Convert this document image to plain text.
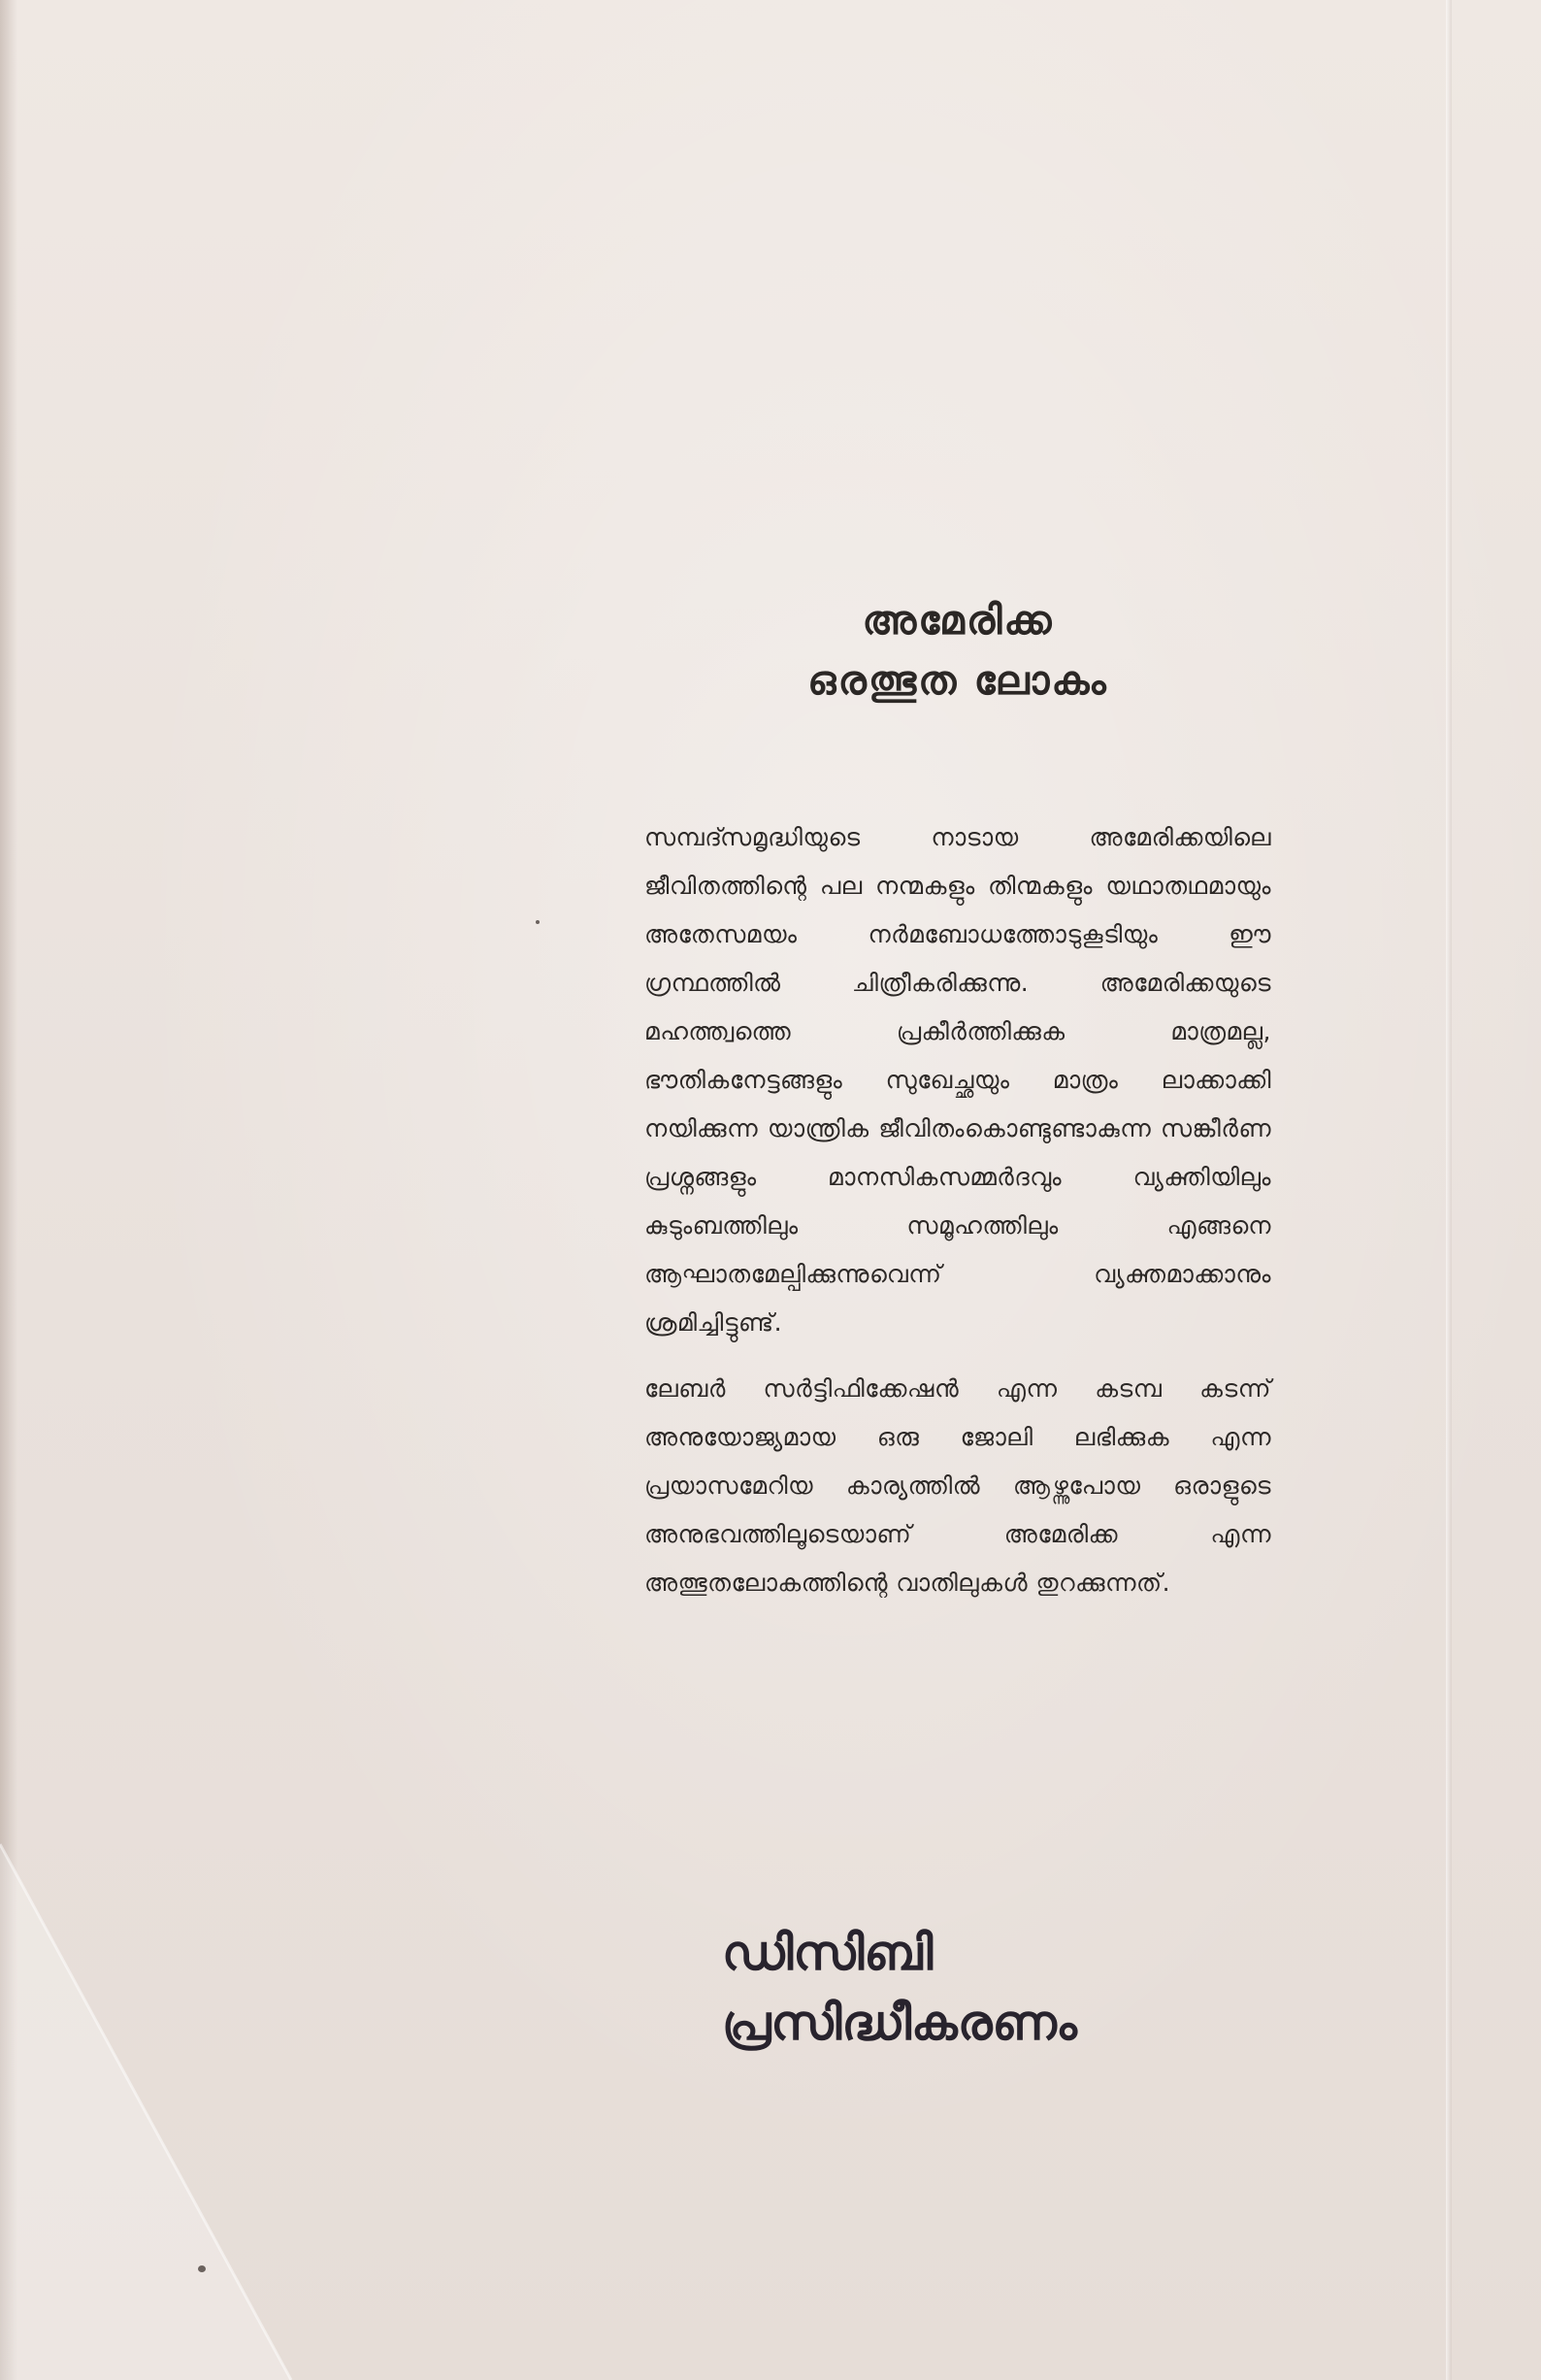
അമേരിക്ക
ഒരത്ഭുത ലോകം

സമ്പദ്സമൃദ്ധിയുടെ നാടായ അമേരിക്കയിലെ ജീവിതത്തിന്റെ പല നന്മകളും തിന്മകളും യഥാതഥമായും അതേസമയം നർമബോധത്തോടുകൂടിയും ഈ ഗ്രന്ഥത്തിൽ ചിത്രീകരിക്കുന്നു. അമേരിക്കയുടെ മഹത്ത്വത്തെ പ്രകീർത്തിക്കുക മാത്രമല്ല, ഭൗതികനേട്ടങ്ങളും സുഖേച്ഛയും മാത്രം ലാക്കാക്കി നയിക്കുന്ന യാന്ത്രിക ജീവിതംകൊണ്ടുണ്ടാകുന്ന സങ്കീർണ പ്രശ്നങ്ങളും മാനസികസമ്മർദവും വ്യക്തിയിലും കുടുംബത്തിലും സമൂഹത്തിലും എങ്ങനെ ആഘാതമേല്പിക്കുന്നുവെന്ന് വ്യക്തമാക്കാനും ശ്രമിച്ചിട്ടുണ്ട്.

ലേബർ സർട്ടിഫിക്കേഷൻ എന്ന കടമ്പ കടന്ന് അനുയോജ്യമായ ഒരു ജോലി ലഭിക്കുക എന്ന പ്രയാസമേറിയ കാര്യത്തിൽ ആഴ്ന്നുപോയ ഒരാളുടെ അനുഭവത്തിലൂടെയാണ് അമേരിക്ക എന്ന അത്ഭുതലോകത്തിന്റെ വാതിലുകൾ തുറക്കുന്നത്.

ഡിസിബി
പ്രസിദ്ധീകരണം
